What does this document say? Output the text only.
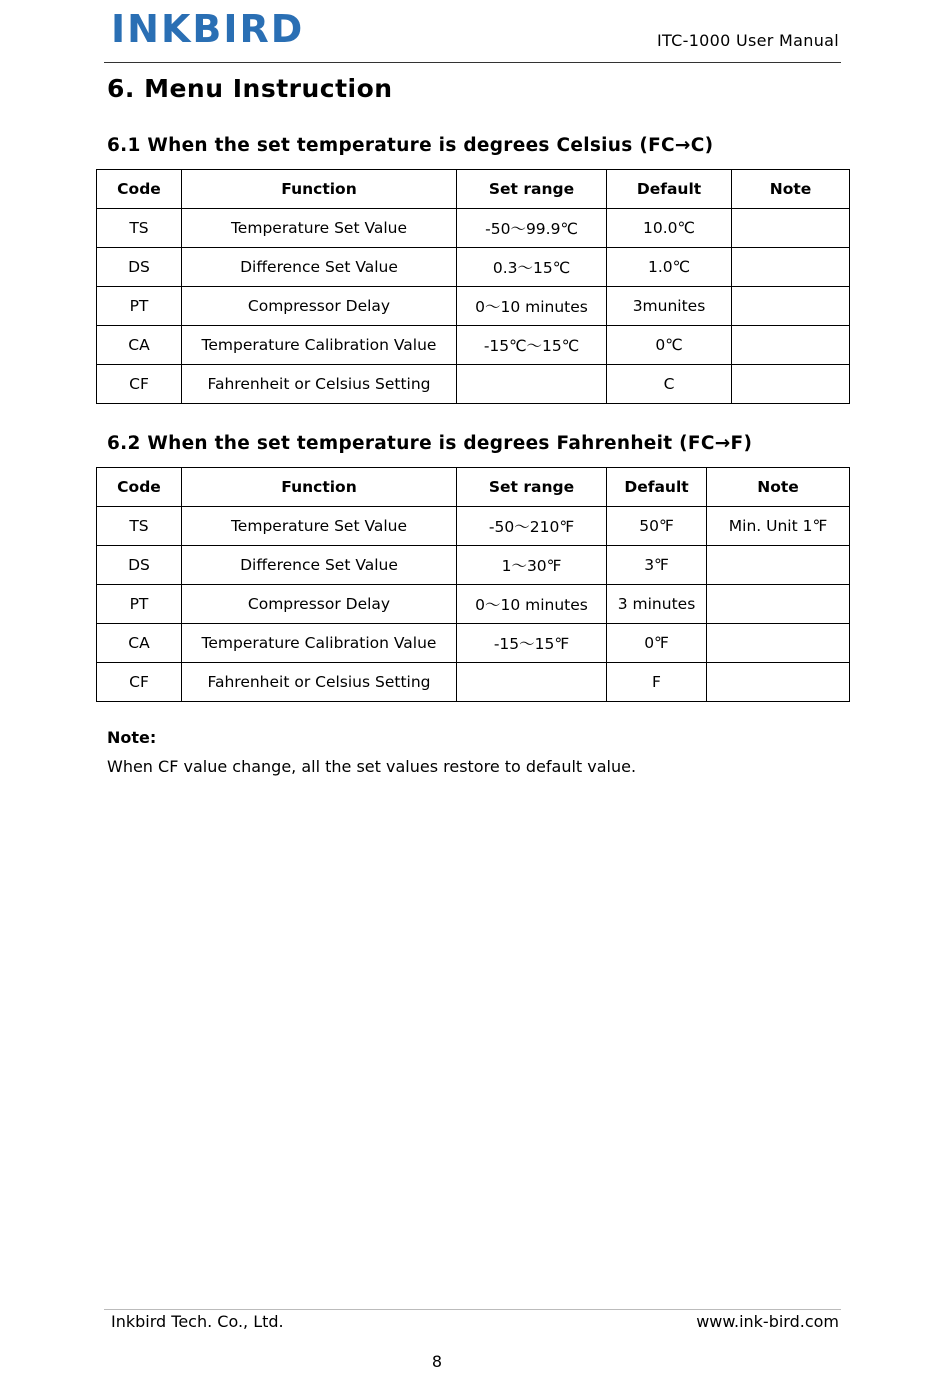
INKBIRD	ITC-1000 User Manual
6. Menu Instruction
6.1 When the set temperature is degrees Celsius (FC→C)
Code	Function	Set range	Default	Note
TS	Temperature Set Value	-50～99.9℃	10.0℃	
DS	Difference Set Value	0.3～15℃	1.0℃	
PT	Compressor Delay	0～10 minutes	3munites	
CA	Temperature Calibration Value	-15℃～15℃	0℃	
CF	Fahrenheit or Celsius Setting		C	
6.2 When the set temperature is degrees Fahrenheit (FC→F)
Code	Function	Set range	Default	Note
TS	Temperature Set Value	-50～210℉	50℉	Min. Unit 1℉
DS	Difference Set Value	1～30℉	3℉	
PT	Compressor Delay	0～10 minutes	3 minutes	
CA	Temperature Calibration Value	-15～15℉	0℉	
CF	Fahrenheit or Celsius Setting		F	
Note:
When CF value change, all the set values restore to default value.
Inkbird Tech. Co., Ltd.	www.ink-bird.com
8
